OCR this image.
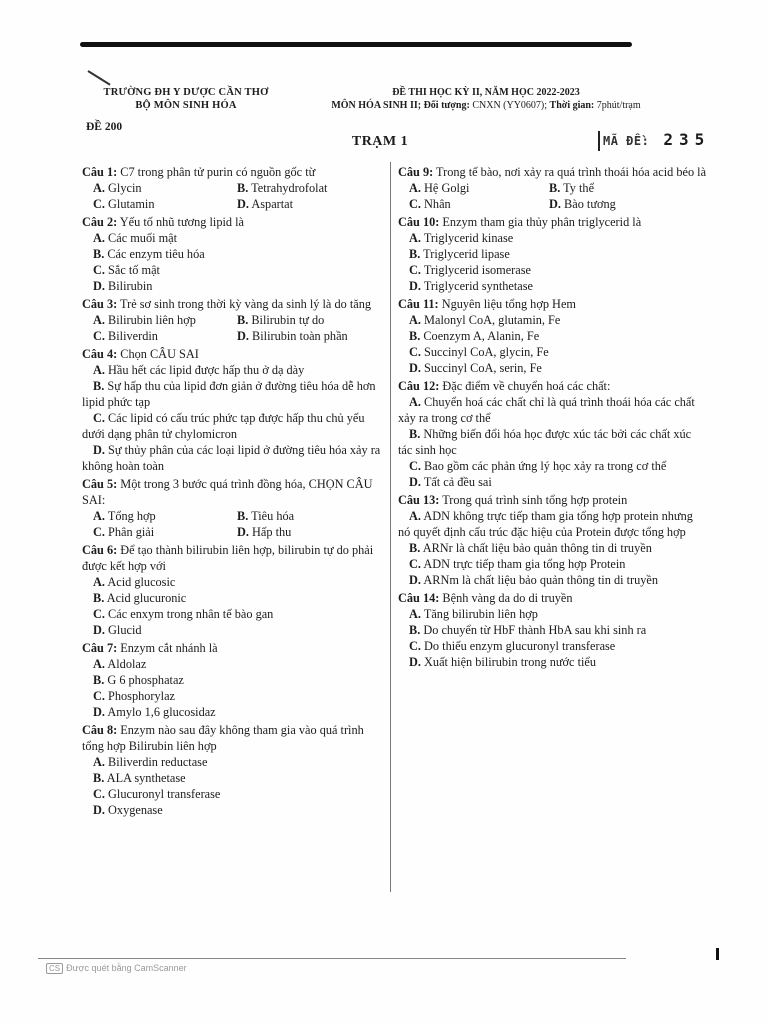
TRƯỜNG ĐH Y DƯỢC CẦN THƠ
BỘ MÔN SINH HÓA
ĐỀ THI HỌC KỲ II, NĂM HỌC 2022-2023
MÔN HÓA SINH II; Đối tượng: CNXN (YY0607); Thời gian: 7phút/trạm
ĐỀ 200
TRẠM 1	MÃ ĐỀ: 235

Câu 1: C7 trong phân tử purin có nguồn gốc từ

A. Glycin	B. Tetrahydrofolat

C. Glutamin	D. Aspartat

Câu 2: Yếu tố nhũ tương lipid là

A. Các muối mật

B. Các enzym tiêu hóa

C. Sắc tố mật

D. Bilirubin

Câu 3: Trẻ sơ sinh trong thời kỳ vàng da sinh lý là do tăng

A. Bilirubin liên hợp	B. Bilirubin tự do

C. Biliverdin	D. Bilirubin toàn phần

Câu 4: Chọn CÂU SAI

A. Hầu hết các lipid được hấp thu ở dạ dày

B. Sự hấp thu của lipid đơn giản ở đường tiêu hóa dễ hơn lipid phức tạp

C. Các lipid có cấu trúc phức tạp được hấp thu chủ yếu dưới dạng phân tử chylomicron

D. Sự thủy phân của các loại lipid ở đường tiêu hóa xảy ra không hoàn toàn

Câu 5: Một trong 3 bước quá trình đồng hóa, CHỌN CÂU SAI:

A. Tổng hợp	B. Tiêu hóa

C. Phân giải	D. Hấp thu

Câu 6: Để tạo thành bilirubin liên hợp, bilirubin tự do phải được kết hợp với

A. Acid glucosic

B. Acid glucuronic

C. Các enxym trong nhân tế bào gan

D. Glucid

Câu 7: Enzym cắt nhánh là

A. Aldolaz

B. G 6 phosphataz

C. Phosphorylaz

D. Amylo 1,6 glucosidaz

Câu 8: Enzym nào sau đây không tham gia vào quá trình tổng hợp Bilirubin liên hợp

A. Biliverdin reductase

B. ALA synthetase

C. Glucuronyl transferase

D. Oxygenase

Câu 9: Trong tế bào, nơi xảy ra quá trình thoái hóa acid béo là

A. Hệ Golgi	B. Ty thể

C. Nhân	D. Bào tương

Câu 10: Enzym tham gia thủy phân triglycerid là

A. Triglycerid kinase

B. Triglycerid lipase

C. Triglycerid isomerase

D. Triglycerid synthetase

Câu 11: Nguyên liệu tổng hợp Hem

A. Malonyl CoA, glutamin, Fe

B. Coenzym A, Alanin, Fe

C. Succinyl CoA, glycin, Fe

D. Succinyl CoA, serin, Fe

Câu 12: Đặc điểm về chuyển hoá các chất:

A. Chuyển hoá các chất chỉ là quá trình thoái hóa các chất xảy ra trong cơ thể

B. Những biến đổi hóa học được xúc tác bởi các chất xúc tác sinh học

C. Bao gồm các phản ứng lý học xảy ra trong cơ thể

D. Tất cả đều sai

Câu 13: Trong quá trình sinh tổng hợp protein

A. ADN không trực tiếp tham gia tổng hợp protein nhưng nó quyết định cấu trúc đặc hiệu của Protein được tổng hợp

B. ARNr là chất liệu bảo quản thông tin di truyền

C. ADN trực tiếp tham gia tổng hợp Protein

D. ARNm là chất liệu bảo quản thông tin di truyền

Câu 14: Bệnh vàng da do di truyền

A. Tăng bilirubin liên hợp

B. Do chuyển từ HbF thành HbA sau khi sinh ra

C. Do thiếu enzym glucuronyl transferase

D. Xuất hiện bilirubin trong nước tiểu

CS Được quét bằng CamScanner
